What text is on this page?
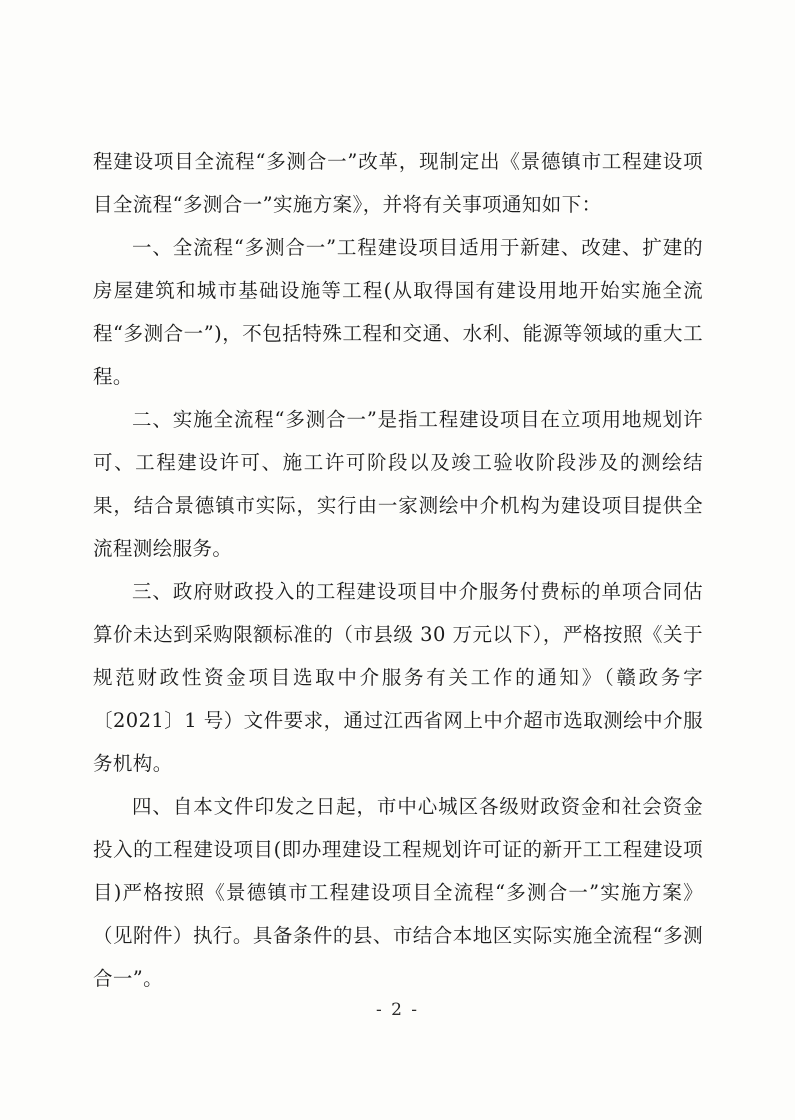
程建设项目全流程“多测合一”改革，现制定出《景德镇市工程建设项目全流程“多测合一”实施方案》，并将有关事项通知如下：

一、全流程“多测合一”工程建设项目适用于新建、改建、扩建的房屋建筑和城市基础设施等工程(从取得国有建设用地开始实施全流程“多测合一”)，不包括特殊工程和交通、水利、能源等领域的重大工程。

二、实施全流程“多测合一”是指工程建设项目在立项用地规划许可、工程建设许可、施工许可阶段以及竣工验收阶段涉及的测绘结果，结合景德镇市实际，实行由一家测绘中介机构为建设项目提供全流程测绘服务。

三、政府财政投入的工程建设项目中介服务付费标的单项合同估算价未达到采购限额标准的（市县级 30 万元以下），严格按照《关于规范财政性资金项目选取中介服务有关工作的通知》（赣政务字〔2021〕1 号）文件要求，通过江西省网上中介超市选取测绘中介服务机构。

四、自本文件印发之日起，市中心城区各级财政资金和社会资金投入的工程建设项目(即办理建设工程规划许可证的新开工工程建设项目)严格按照《景德镇市工程建设项目全流程“多测合一”实施方案》（见附件）执行。具备条件的县、市结合本地区实际实施全流程“多测合一”。

- 2 -
